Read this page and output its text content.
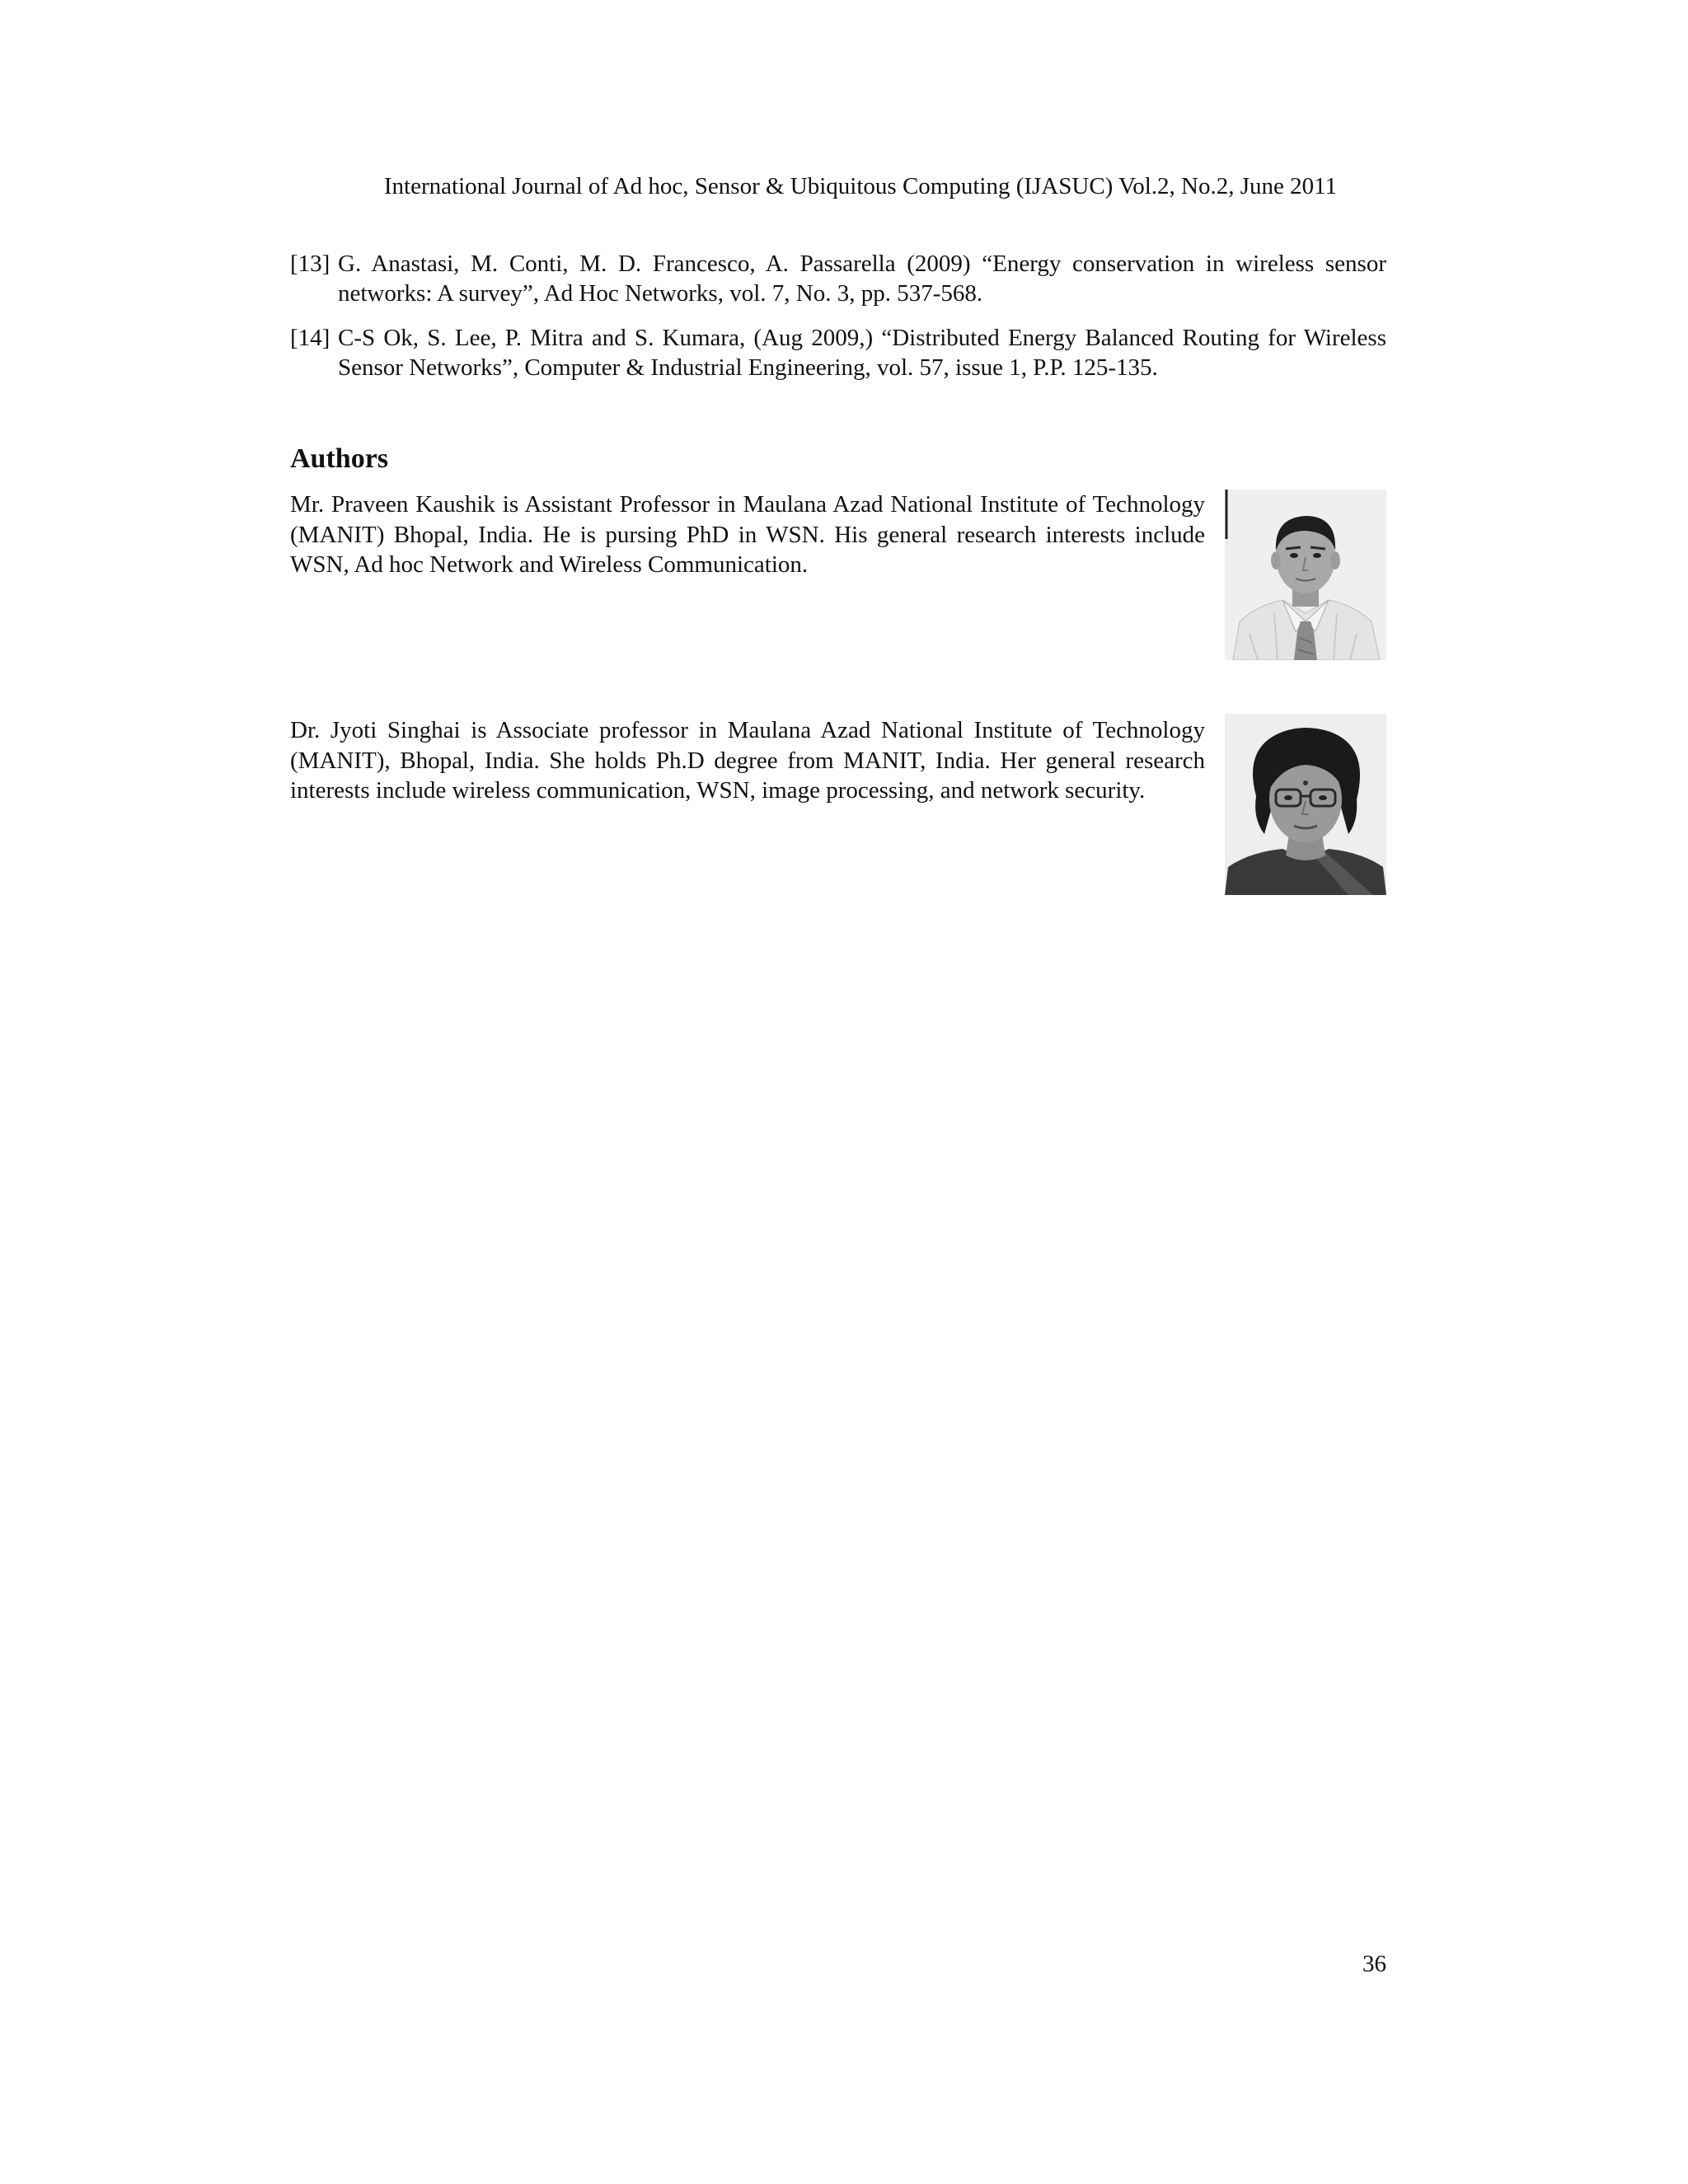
International Journal of Ad hoc, Sensor & Ubiquitous Computing (IJASUC) Vol.2, No.2, June 2011
[13] G. Anastasi, M. Conti, M. D. Francesco, A. Passarella (2009) “Energy conservation in wireless sensor networks: A survey”, Ad Hoc Networks, vol. 7, No. 3, pp. 537-568.
[14] C-S Ok, S. Lee, P. Mitra and S. Kumara, (Aug 2009,) “Distributed Energy Balanced Routing for Wireless Sensor Networks”, Computer & Industrial Engineering, vol. 57, issue 1, P.P. 125-135.
Authors
Mr. Praveen Kaushik is Assistant Professor in Maulana Azad National Institute of Technology (MANIT) Bhopal, India. He is pursing PhD in WSN. His general research interests include WSN, Ad hoc Network and Wireless Communication.
Dr. Jyoti Singhai is Associate professor in Maulana Azad National Institute of Technology (MANIT), Bhopal, India. She holds Ph.D degree from MANIT, India. Her general research interests include wireless communication, WSN, image processing, and network security.
36
